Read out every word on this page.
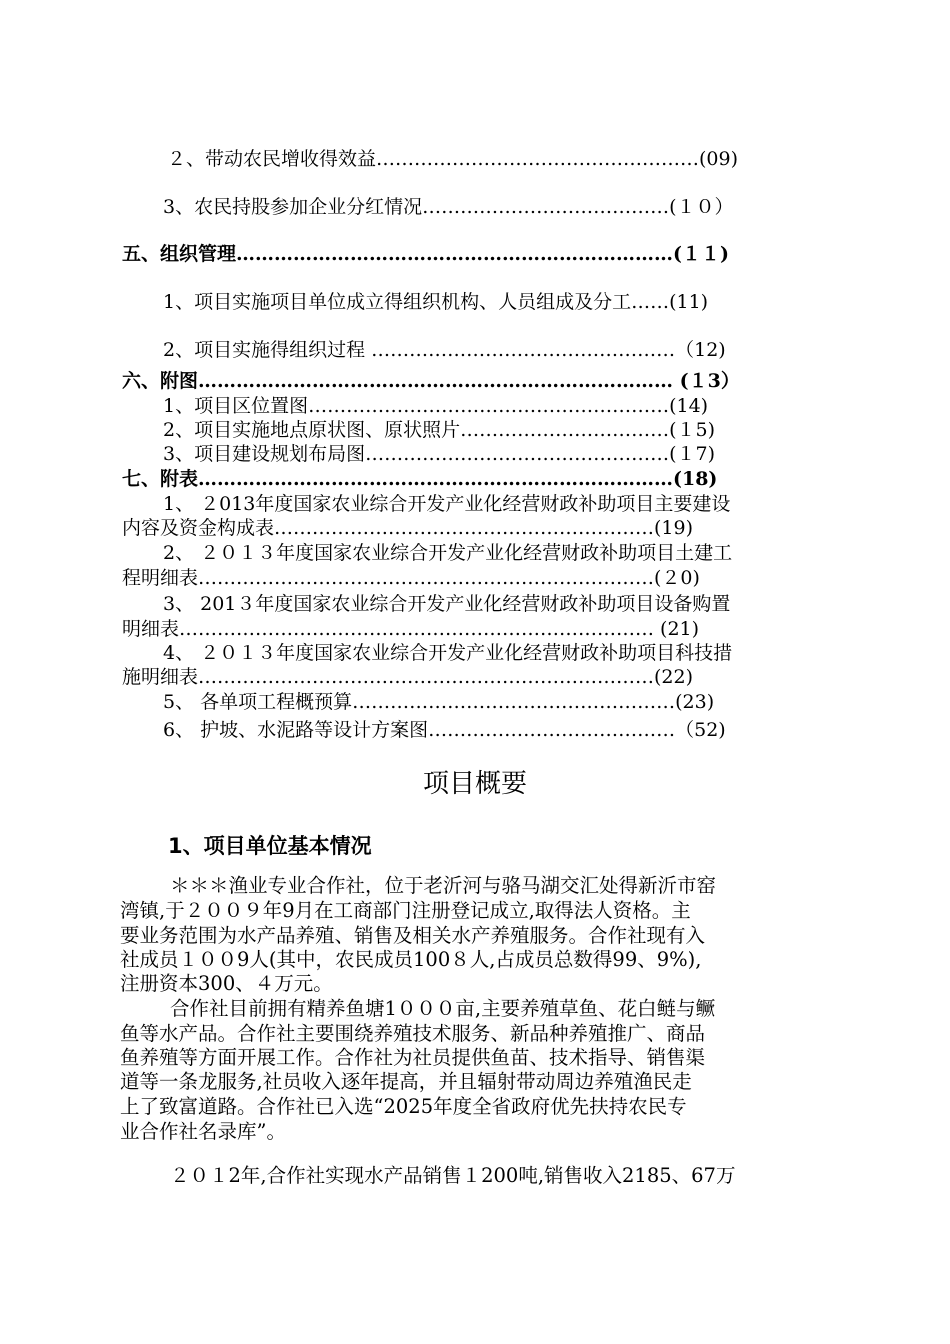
２、带动农民增收得效益……………………………………………(09)
3、农民持股参加企业分红情况…………………………………(１０）
五、组织管理……………………………………………………………(１１)
1、项目实施项目单位成立得组织机构、人员组成及分工……(11)
2、项目实施得组织过程 …………………………………………（12)
六、附图………………………………………………………………… (１3）
1、项目区位置图…………………………………………………(14)
2、项目实施地点原状图、原状照片……………………………(１5)
3、项目建设规划布局图…………………………………………(１7)
七、附表…………………………………………………………………(18)
1、 ２013年度国家农业综合开发产业化经营财政补助项目主要建设
内容及资金构成表……………………………………………………(19)
2、 ２０１３年度国家农业综合开发产业化经营财政补助项目土建工
程明细表………………………………………………………………(２0)
3、 201３年度国家农业综合开发产业化经营财政补助项目设备购置
明细表………………………………………………………………… (21)
4、 ２０１３年度国家农业综合开发产业化经营财政补助项目科技措
施明细表………………………………………………………………(22)
5、 各单项工程概预算……………………………………………(23)
6、 护坡、水泥路等设计方案图…………………………………（52)
项目概要
1、项目单位基本情况
＊＊＊渔业专业合作社，位于老沂河与骆马湖交汇处得新沂市窑
湾镇,于２００９年9月在工商部门注册登记成立,取得法人资格。主
要业务范围为水产品养殖、销售及相关水产养殖服务。合作社现有入
社成员１００9人(其中，农民成员100８人,占成员总数得99、9%),
注册资本300、４万元。
合作社目前拥有精养鱼塘1０００亩,主要养殖草鱼、花白鲢与鳜
鱼等水产品。合作社主要围绕养殖技术服务、新品种养殖推广、商品
鱼养殖等方面开展工作。合作社为社员提供鱼苗、技术指导、销售渠
道等一条龙服务,社员收入逐年提高，并且辐射带动周边养殖渔民走
上了致富道路。合作社已入选“2025年度全省政府优先扶持农民专
业合作社名录库”。
２０１2年,合作社实现水产品销售１200吨,销售收入2185、67万
